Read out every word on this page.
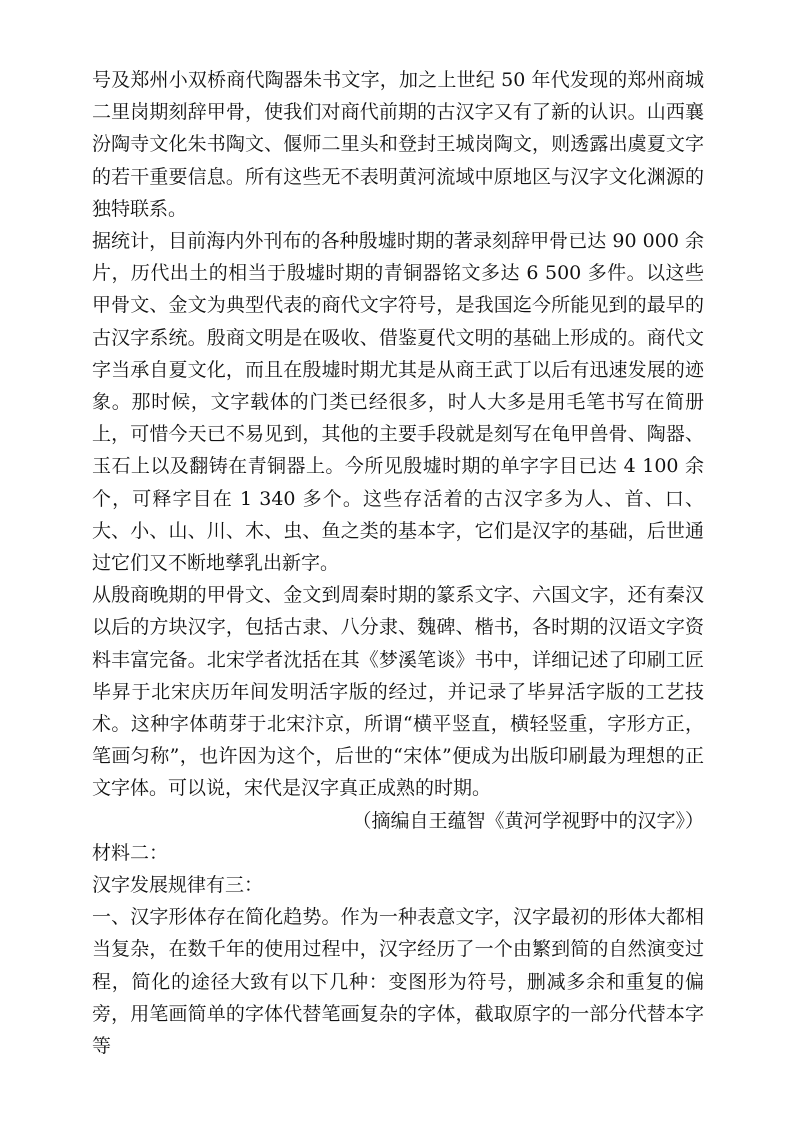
号及郑州小双桥商代陶器朱书文字，加之上世纪 50 年代发现的郑州商城二里岗期刻辞甲骨，使我们对商代前期的古汉字又有了新的认识。山西襄汾陶寺文化朱书陶文、偃师二里头和登封王城岗陶文，则透露出虞夏文字的若干重要信息。所有这些无不表明黄河流域中原地区与汉字文化渊源的独特联系。

据统计，目前海内外刊布的各种殷墟时期的著录刻辞甲骨已达 90 000 余片，历代出土的相当于殷墟时期的青铜器铭文多达 6 500 多件。以这些甲骨文、金文为典型代表的商代文字符号，是我国迄今所能见到的最早的古汉字系统。殷商文明是在吸收、借鉴夏代文明的基础上形成的。商代文字当承自夏文化，而且在殷墟时期尤其是从商王武丁以后有迅速发展的迹象。那时候，文字载体的门类已经很多，时人大多是用毛笔书写在简册上，可惜今天已不易见到，其他的主要手段就是刻写在龟甲兽骨、陶器、玉石上以及翻铸在青铜器上。今所见殷墟时期的单字字目已达 4 100 余个，可释字目在 1 340 多个。这些存活着的古汉字多为人、首、口、大、小、山、川、木、虫、鱼之类的基本字，它们是汉字的基础，后世通过它们又不断地孳乳出新字。

从殷商晚期的甲骨文、金文到周秦时期的篆系文字、六国文字，还有秦汉以后的方块汉字，包括古隶、八分隶、魏碑、楷书，各时期的汉语文字资料丰富完备。北宋学者沈括在其《梦溪笔谈》书中，详细记述了印刷工匠毕昇于北宋庆历年间发明活字版的经过，并记录了毕昇活字版的工艺技术。这种字体萌芽于北宋汴京，所谓“横平竖直，横轻竖重，字形方正，笔画匀称”，也许因为这个，后世的“宋体”便成为出版印刷最为理想的正文字体。可以说，宋代是汉字真正成熟的时期。

（摘编自王蕴智《黄河学视野中的汉字》）

材料二：

汉字发展规律有三：

一、汉字形体存在简化趋势。作为一种表意文字，汉字最初的形体大都相当复杂，在数千年的使用过程中，汉字经历了一个由繁到简的自然演变过程，简化的途径大致有以下几种：变图形为符号，删减多余和重复的偏旁，用笔画简单的字体代替笔画复杂的字体，截取原字的一部分代替本字等
